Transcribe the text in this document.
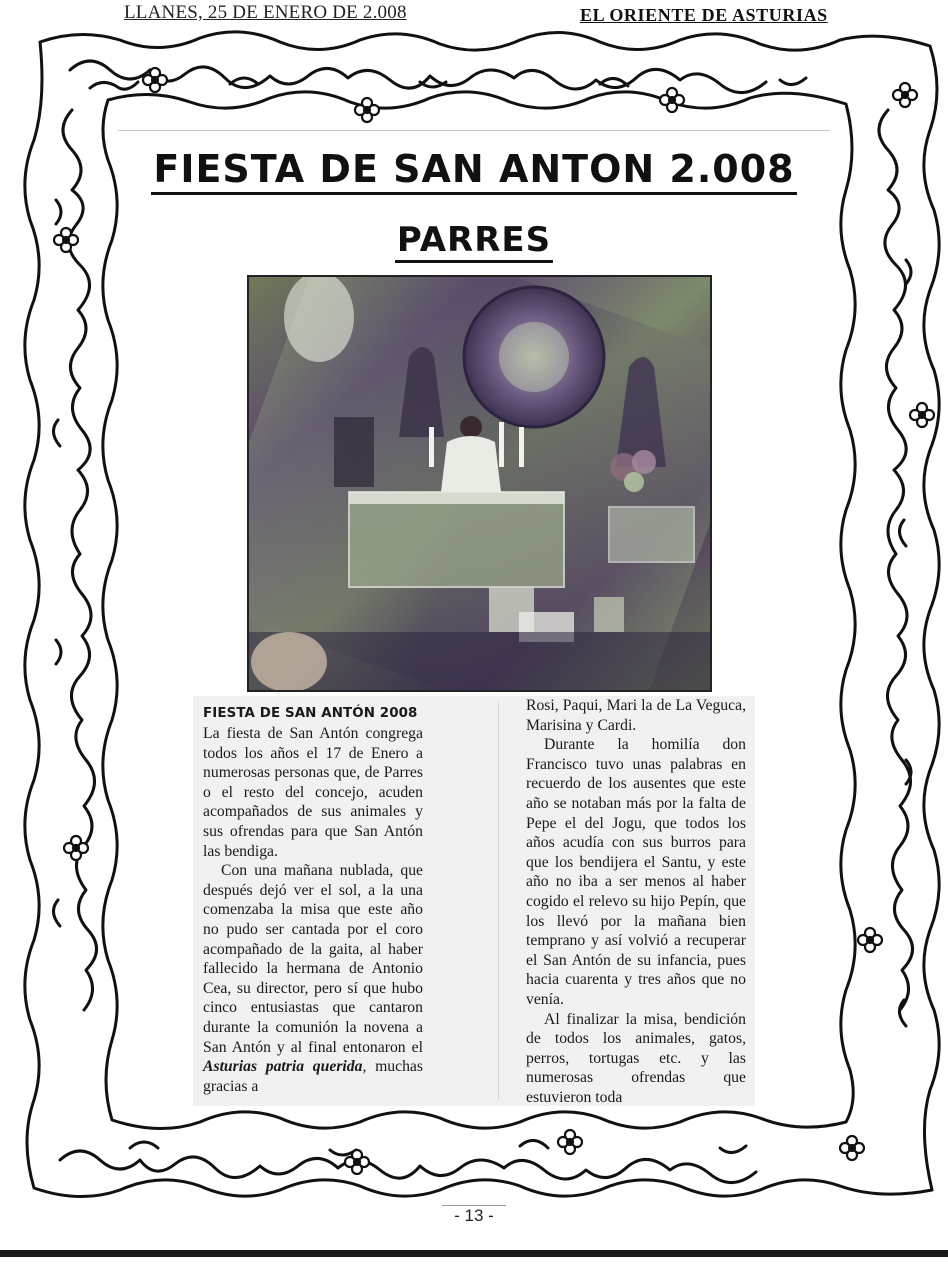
LLANES, 25 DE ENERO DE 2.008	EL ORIENTE DE ASTURIAS
FIESTA DE SAN ANTON 2.008
PARRES
FIESTA DE SAN ANTÓN 2008

La fiesta de San Antón congrega todos los años el 17 de Enero a numerosas personas que, de Parres o el resto del concejo, acuden acompañados de sus animales y sus ofrendas para que San Antón las bendiga.

Con una mañana nublada, que después dejó ver el sol, a la una comenzaba la misa que este año no pudo ser cantada por el coro acompañado de la gaita, al haber fallecido la hermana de Antonio Cea, su director, pero sí que hubo cinco entusiastas que cantaron durante la comunión la novena a San Antón y al final entonaron el Asturias patria querida, muchas gracias a

Rosi, Paqui, Mari la de La Veguca, Marisina y Cardi.

Durante la homilía don Francisco tuvo unas palabras en recuerdo de los ausentes que este año se notaban más por la falta de Pepe el del Jogu, que todos los años acudía con sus burros para que los bendijera el Santu, y este año no iba a ser menos al haber cogido el relevo su hijo Pepín, que los llevó por la mañana bien temprano y así volvió a recuperar el San Antón de su infancia, pues hacia cuarenta y tres años que no venía.

Al finalizar la misa, bendición de todos los animales, gatos, perros, tortugas etc. y las numerosas ofrendas que estuvieron toda

- 13 -
